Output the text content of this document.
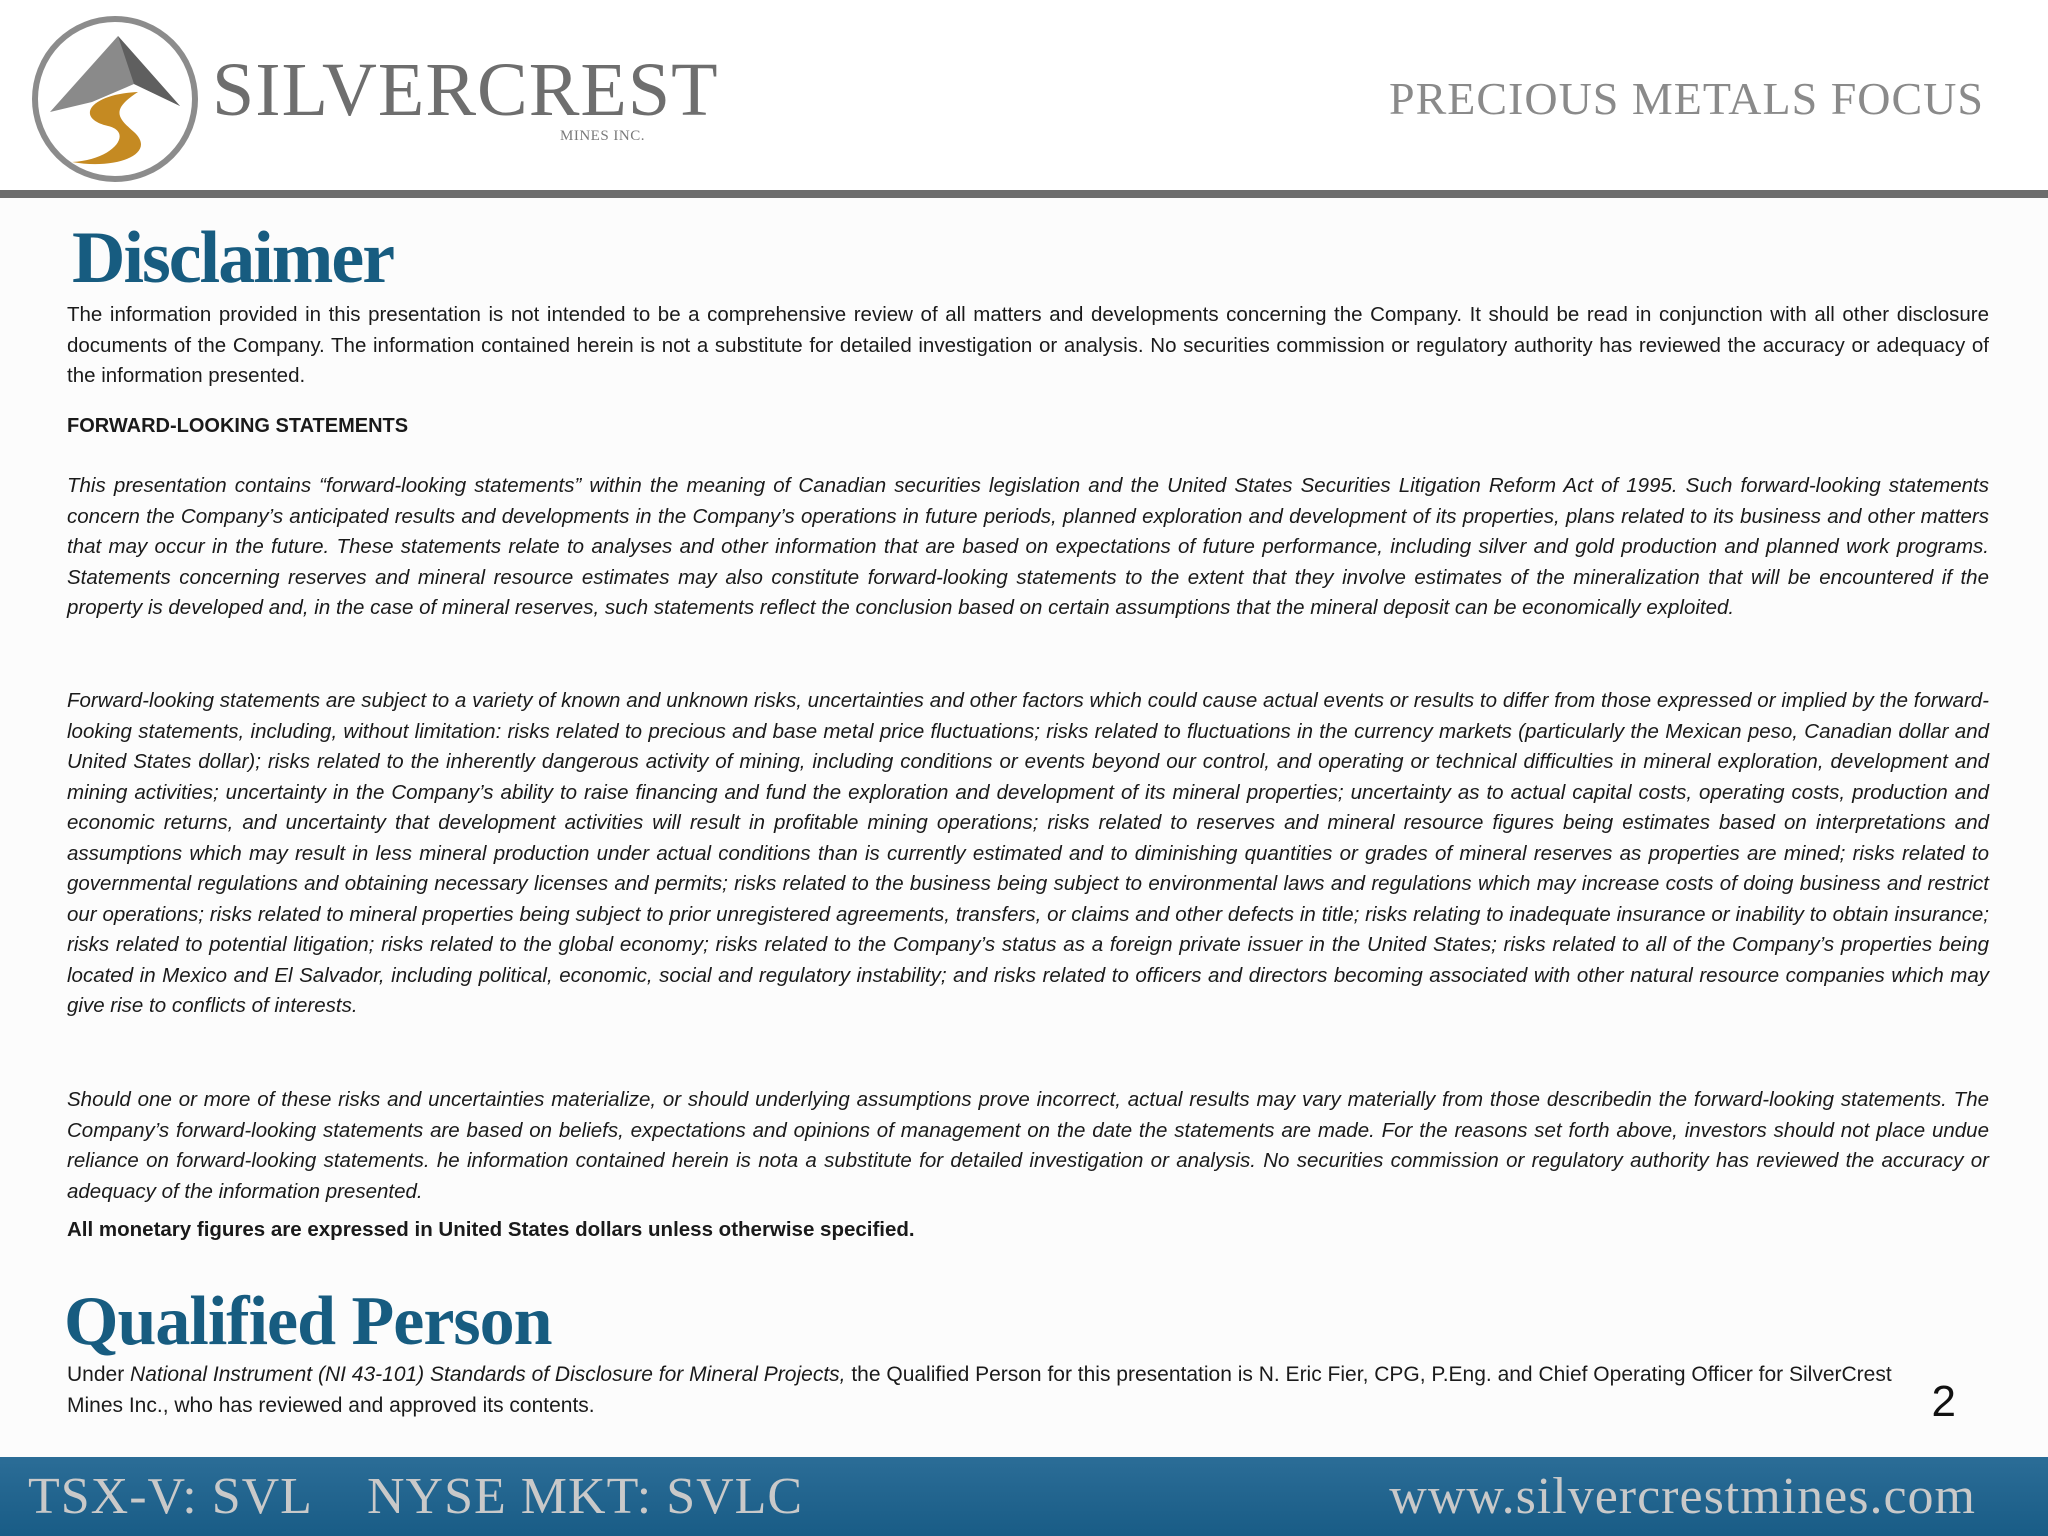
SILVERCREST
MINES INC.
PRECIOUS METALS FOCUS
Disclaimer

The information provided in this presentation is not intended to be a comprehensive review of all matters and developments concerning the Company. It should be read in conjunction with all other disclosure documents of the Company. The information contained herein is not a substitute for detailed investigation or analysis. No securities commission or regulatory authority has reviewed the accuracy or adequacy of the information presented.

FORWARD-LOOKING STATEMENTS

This presentation contains “forward-looking statements” within the meaning of Canadian securities legislation and the United States Securities Litigation Reform Act of 1995. Such forward-looking statements concern the Company’s anticipated results and developments in the Company’s operations in future periods, planned exploration and development of its properties, plans related to its business and other matters that may occur in the future. These statements relate to analyses and other information that are based on expectations of future performance, including silver and gold production and planned work programs. Statements concerning reserves and mineral resource estimates may also constitute forward-looking statements to the extent that they involve estimates of the mineralization that will be encountered if the property is developed and, in the case of mineral reserves, such statements reflect the conclusion based on certain assumptions that the mineral deposit can be economically exploited.

Forward-looking statements are subject to a variety of known and unknown risks, uncertainties and other factors which could cause actual events or results to differ from those expressed or implied by the forward-looking statements, including, without limitation: risks related to precious and base metal price fluctuations; risks related to fluctuations in the currency markets (particularly the Mexican peso, Canadian dollar and United States dollar); risks related to the inherently dangerous activity of mining, including conditions or events beyond our control, and operating or technical difficulties in mineral exploration, development and mining activities; uncertainty in the Company’s ability to raise financing and fund the exploration and development of its mineral properties; uncertainty as to actual capital costs, operating costs, production and economic returns, and uncertainty that development activities will result in profitable mining operations; risks related to reserves and mineral resource figures being estimates based on interpretations and assumptions which may result in less mineral production under actual conditions than is currently estimated and to diminishing quantities or grades of mineral reserves as properties are mined; risks related to governmental regulations and obtaining necessary licenses and permits; risks related to the business being subject to environmental laws and regulations which may increase costs of doing business and restrict our operations; risks related to mineral properties being subject to prior unregistered agreements, transfers, or claims and other defects in title; risks relating to inadequate insurance or inability to obtain insurance; risks related to potential litigation; risks related to the global economy; risks related to the Company’s status as a foreign private issuer in the United States; risks related to all of the Company’s properties being located in Mexico and El Salvador, including political, economic, social and regulatory instability; and risks related to officers and directors becoming associated with other natural resource companies which may give rise to conflicts of interests.

Should one or more of these risks and uncertainties materialize, or should underlying assumptions prove incorrect, actual results may vary materially from those describedin the forward-looking statements. The Company’s forward-looking statements are based on beliefs, expectations and opinions of management on the date the statements are made. For the reasons set forth above, investors should not place undue reliance on forward-looking statements. he information contained herein is nota a substitute for detailed investigation or analysis. No securities commission or regulatory authority has reviewed the accuracy or adequacy of the information presented.

All monetary figures are expressed in United States dollars unless otherwise specified.

Qualified Person

Under National Instrument (NI 43-101) Standards of Disclosure for Mineral Projects, the Qualified Person for this presentation is N. Eric Fier, CPG, P.Eng. and Chief Operating Officer for SilverCrest Mines Inc., who has reviewed and approved its contents.	2
TSX-V: SVL    NYSE MKT: SVLC	www.silvercrestmines.com
